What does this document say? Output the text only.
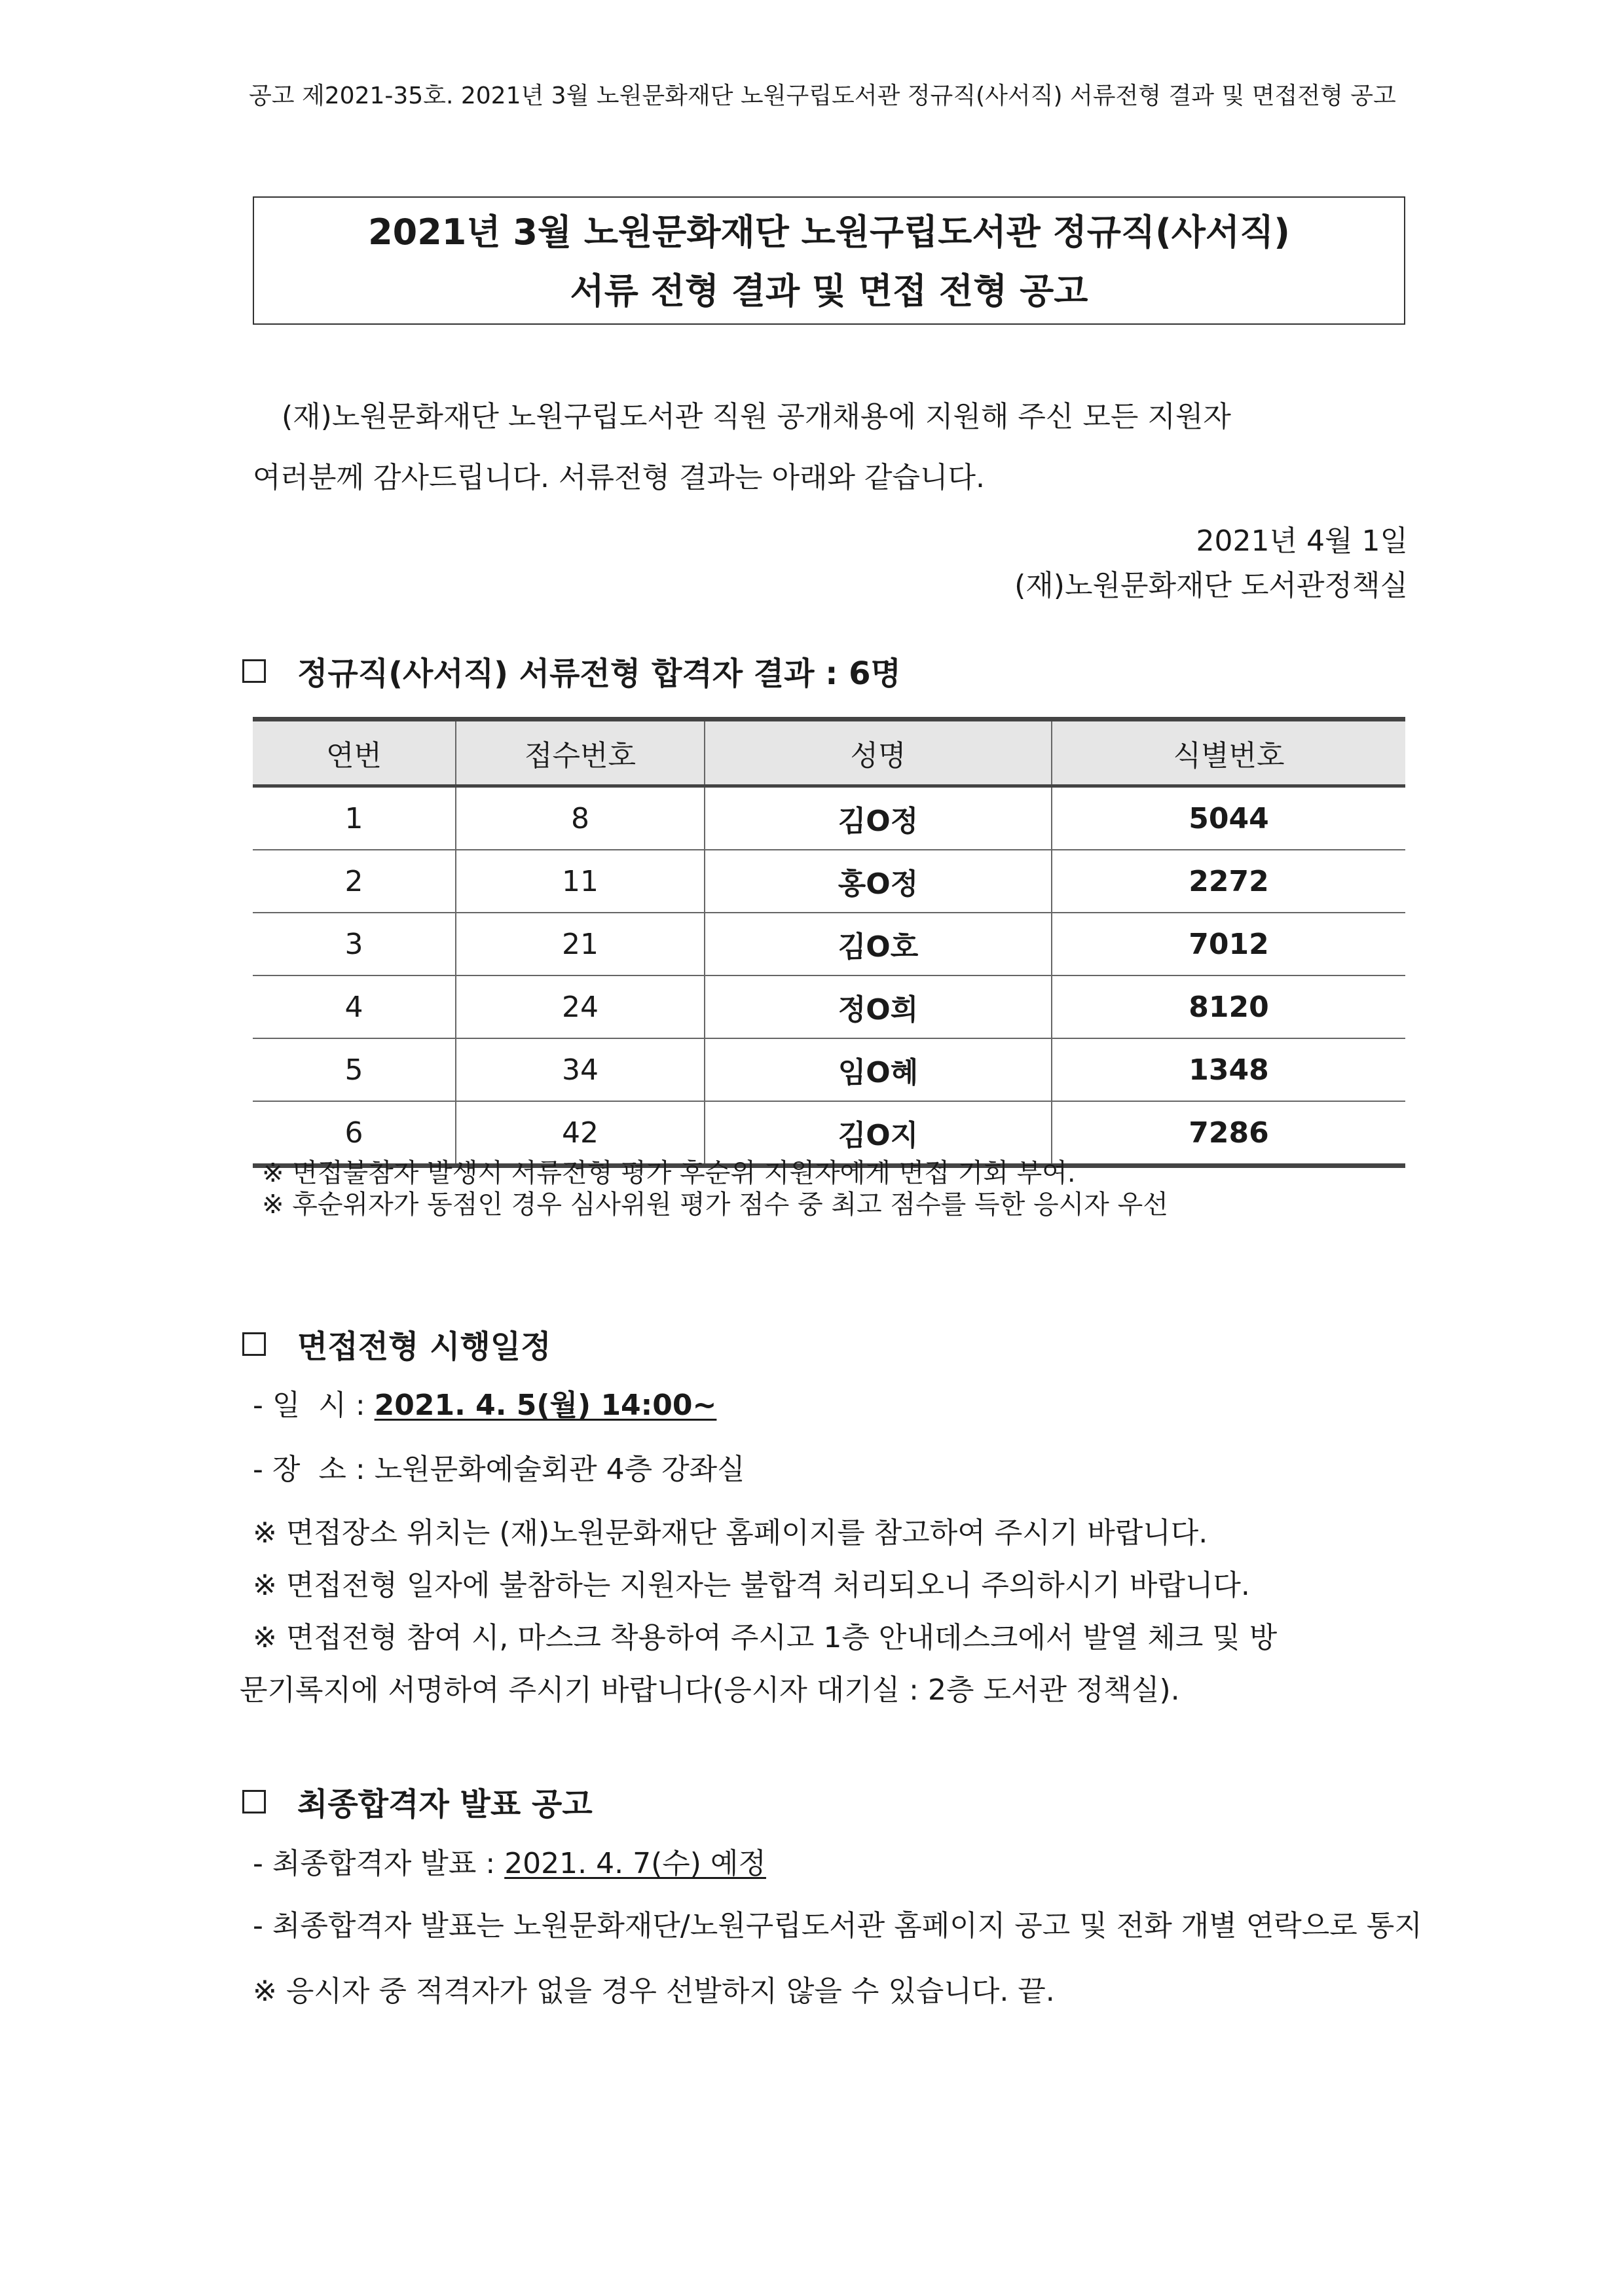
공고 제2021-35호. 2021년 3월 노원문화재단 노원구립도서관 정규직(사서직) 서류전형 결과 및 면접전형 공고
2021년 3월 노원문화재단 노원구립도서관 정규직(사서직)
서류 전형 결과 및 면접 전형 공고
(재)노원문화재단 노원구립도서관 직원 공개채용에 지원해 주신 모든 지원자
여러분께 감사드립니다. 서류전형 결과는 아래와 같습니다.
2021년 4월 1일
(재)노원문화재단 도서관정책실
정규직(사서직) 서류전형 합격자 결과 : 6명
연번	접수번호	성명	식별번호
1	8	김O정	5044
2	11	홍O정	2272
3	21	김O호	7012
4	24	정O희	8120
5	34	임O혜	1348
6	42	김O지	7286
※ 면접불참자 발생시 서류전형 평가 후순위 지원자에게 면접 기회 부여.
※ 후순위자가 동점인 경우 심사위원 평가 점수 중 최고 점수를 득한 응시자 우선
면접전형 시행일정
- 일  시 : 2021. 4. 5(월) 14:00~
- 장  소 : 노원문화예술회관 4층 강좌실
※ 면접장소 위치는 (재)노원문화재단 홈페이지를 참고하여 주시기 바랍니다.
※ 면접전형 일자에 불참하는 지원자는 불합격 처리되오니 주의하시기 바랍니다.
※ 면접전형 참여 시, 마스크 착용하여 주시고 1층 안내데스크에서 발열 체크 및 방
문기록지에 서명하여 주시기 바랍니다(응시자 대기실 : 2층 도서관 정책실).
최종합격자 발표 공고
- 최종합격자 발표 : 2021. 4. 7(수) 예정
- 최종합격자 발표는 노원문화재단/노원구립도서관 홈페이지 공고 및 전화 개별 연락으로 통지
※ 응시자 중 적격자가 없을 경우 선발하지 않을 수 있습니다. 끝.
